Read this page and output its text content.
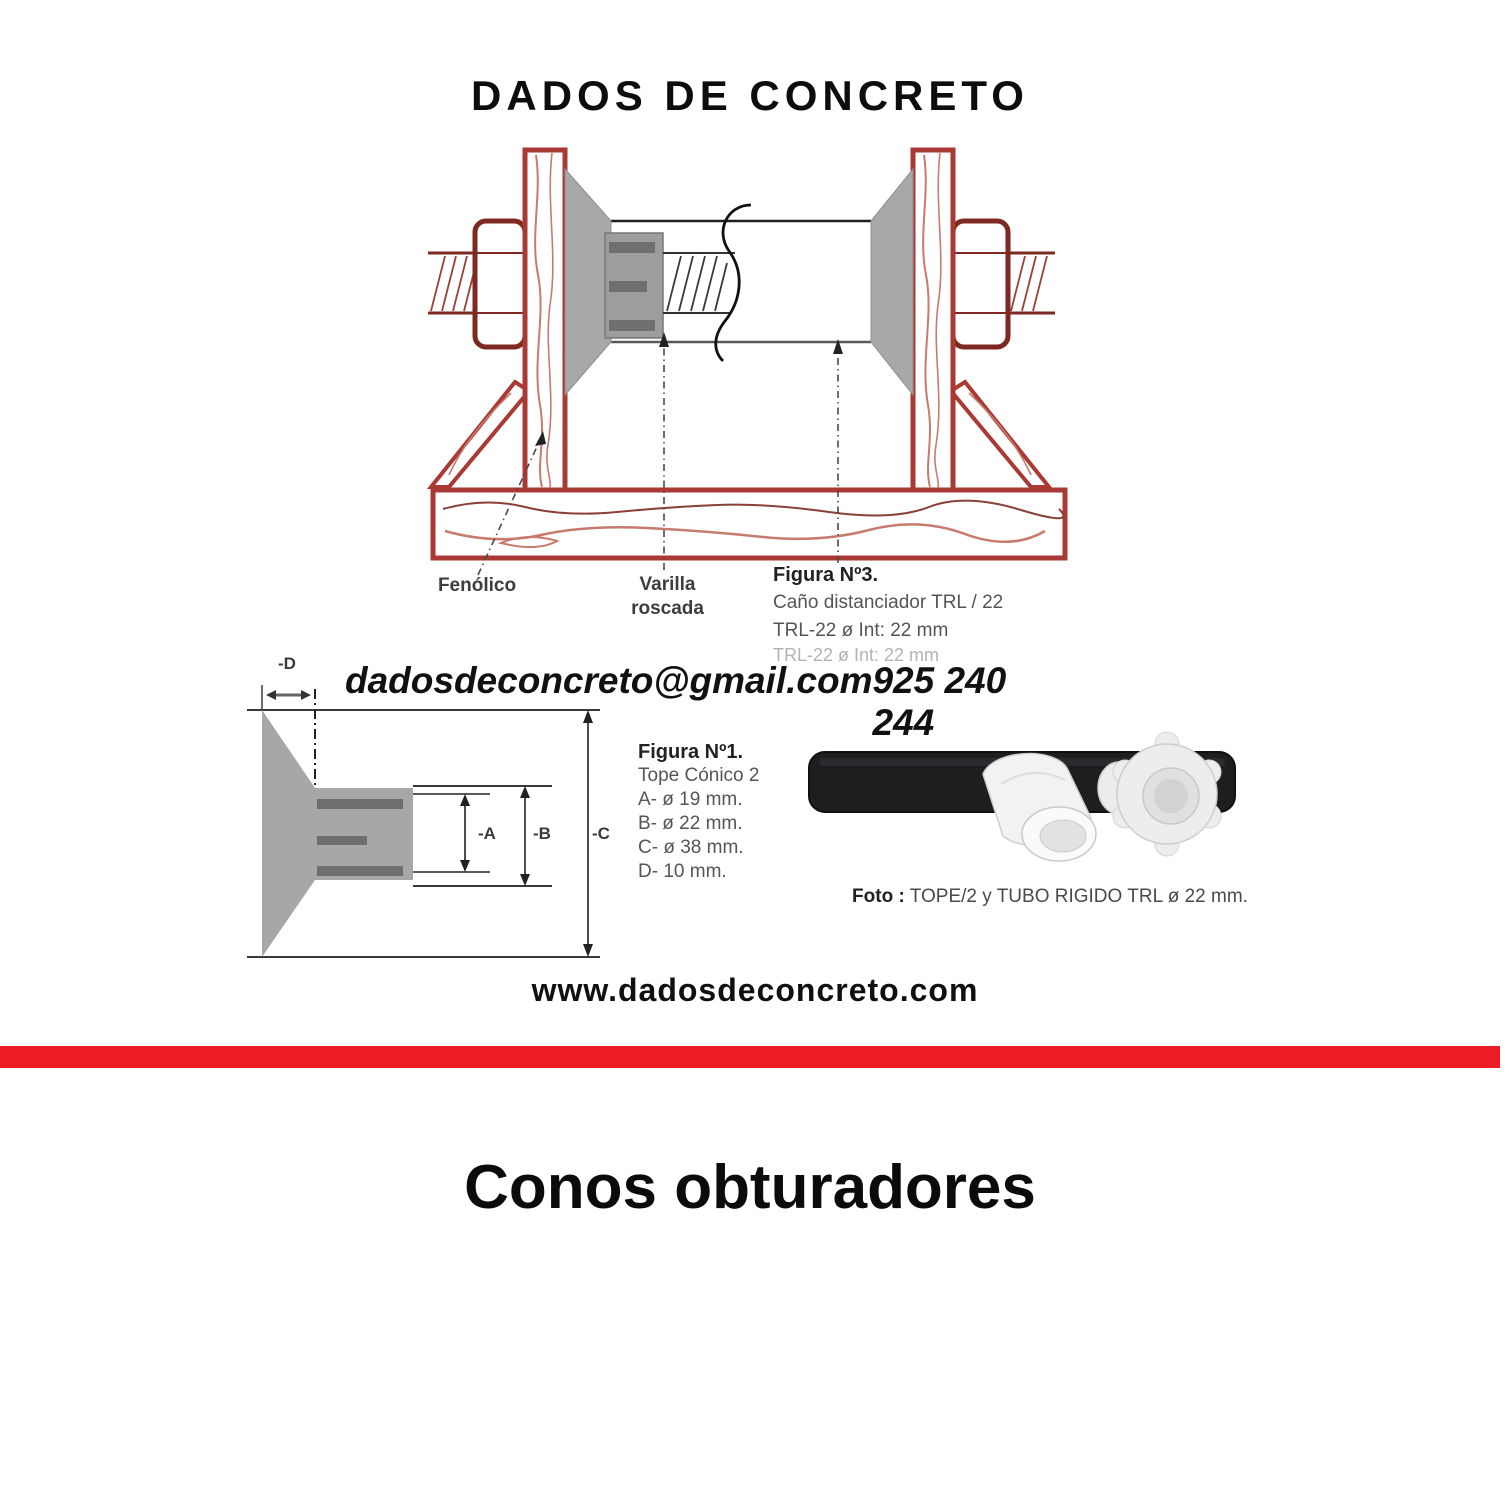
DADOS DE CONCRETO
Fenólico	Varilla
roscada
Figura Nº3.
Caño distanciador TRL / 22
TRL-22 ø Int: 22 mm
TRL-22 ø Int: 22 mm
dadosdeconcreto@gmail.com 925 240 244
-D
-A -B -C
Figura Nº1.
Tope Cónico 2
A- ø 19 mm.
B- ø 22 mm.
C- ø 38 mm.
D- 10 mm.
Foto : TOPE/2 y TUBO RIGIDO TRL ø 22 mm.
www.dadosdeconcreto.com
Conos obturadores
